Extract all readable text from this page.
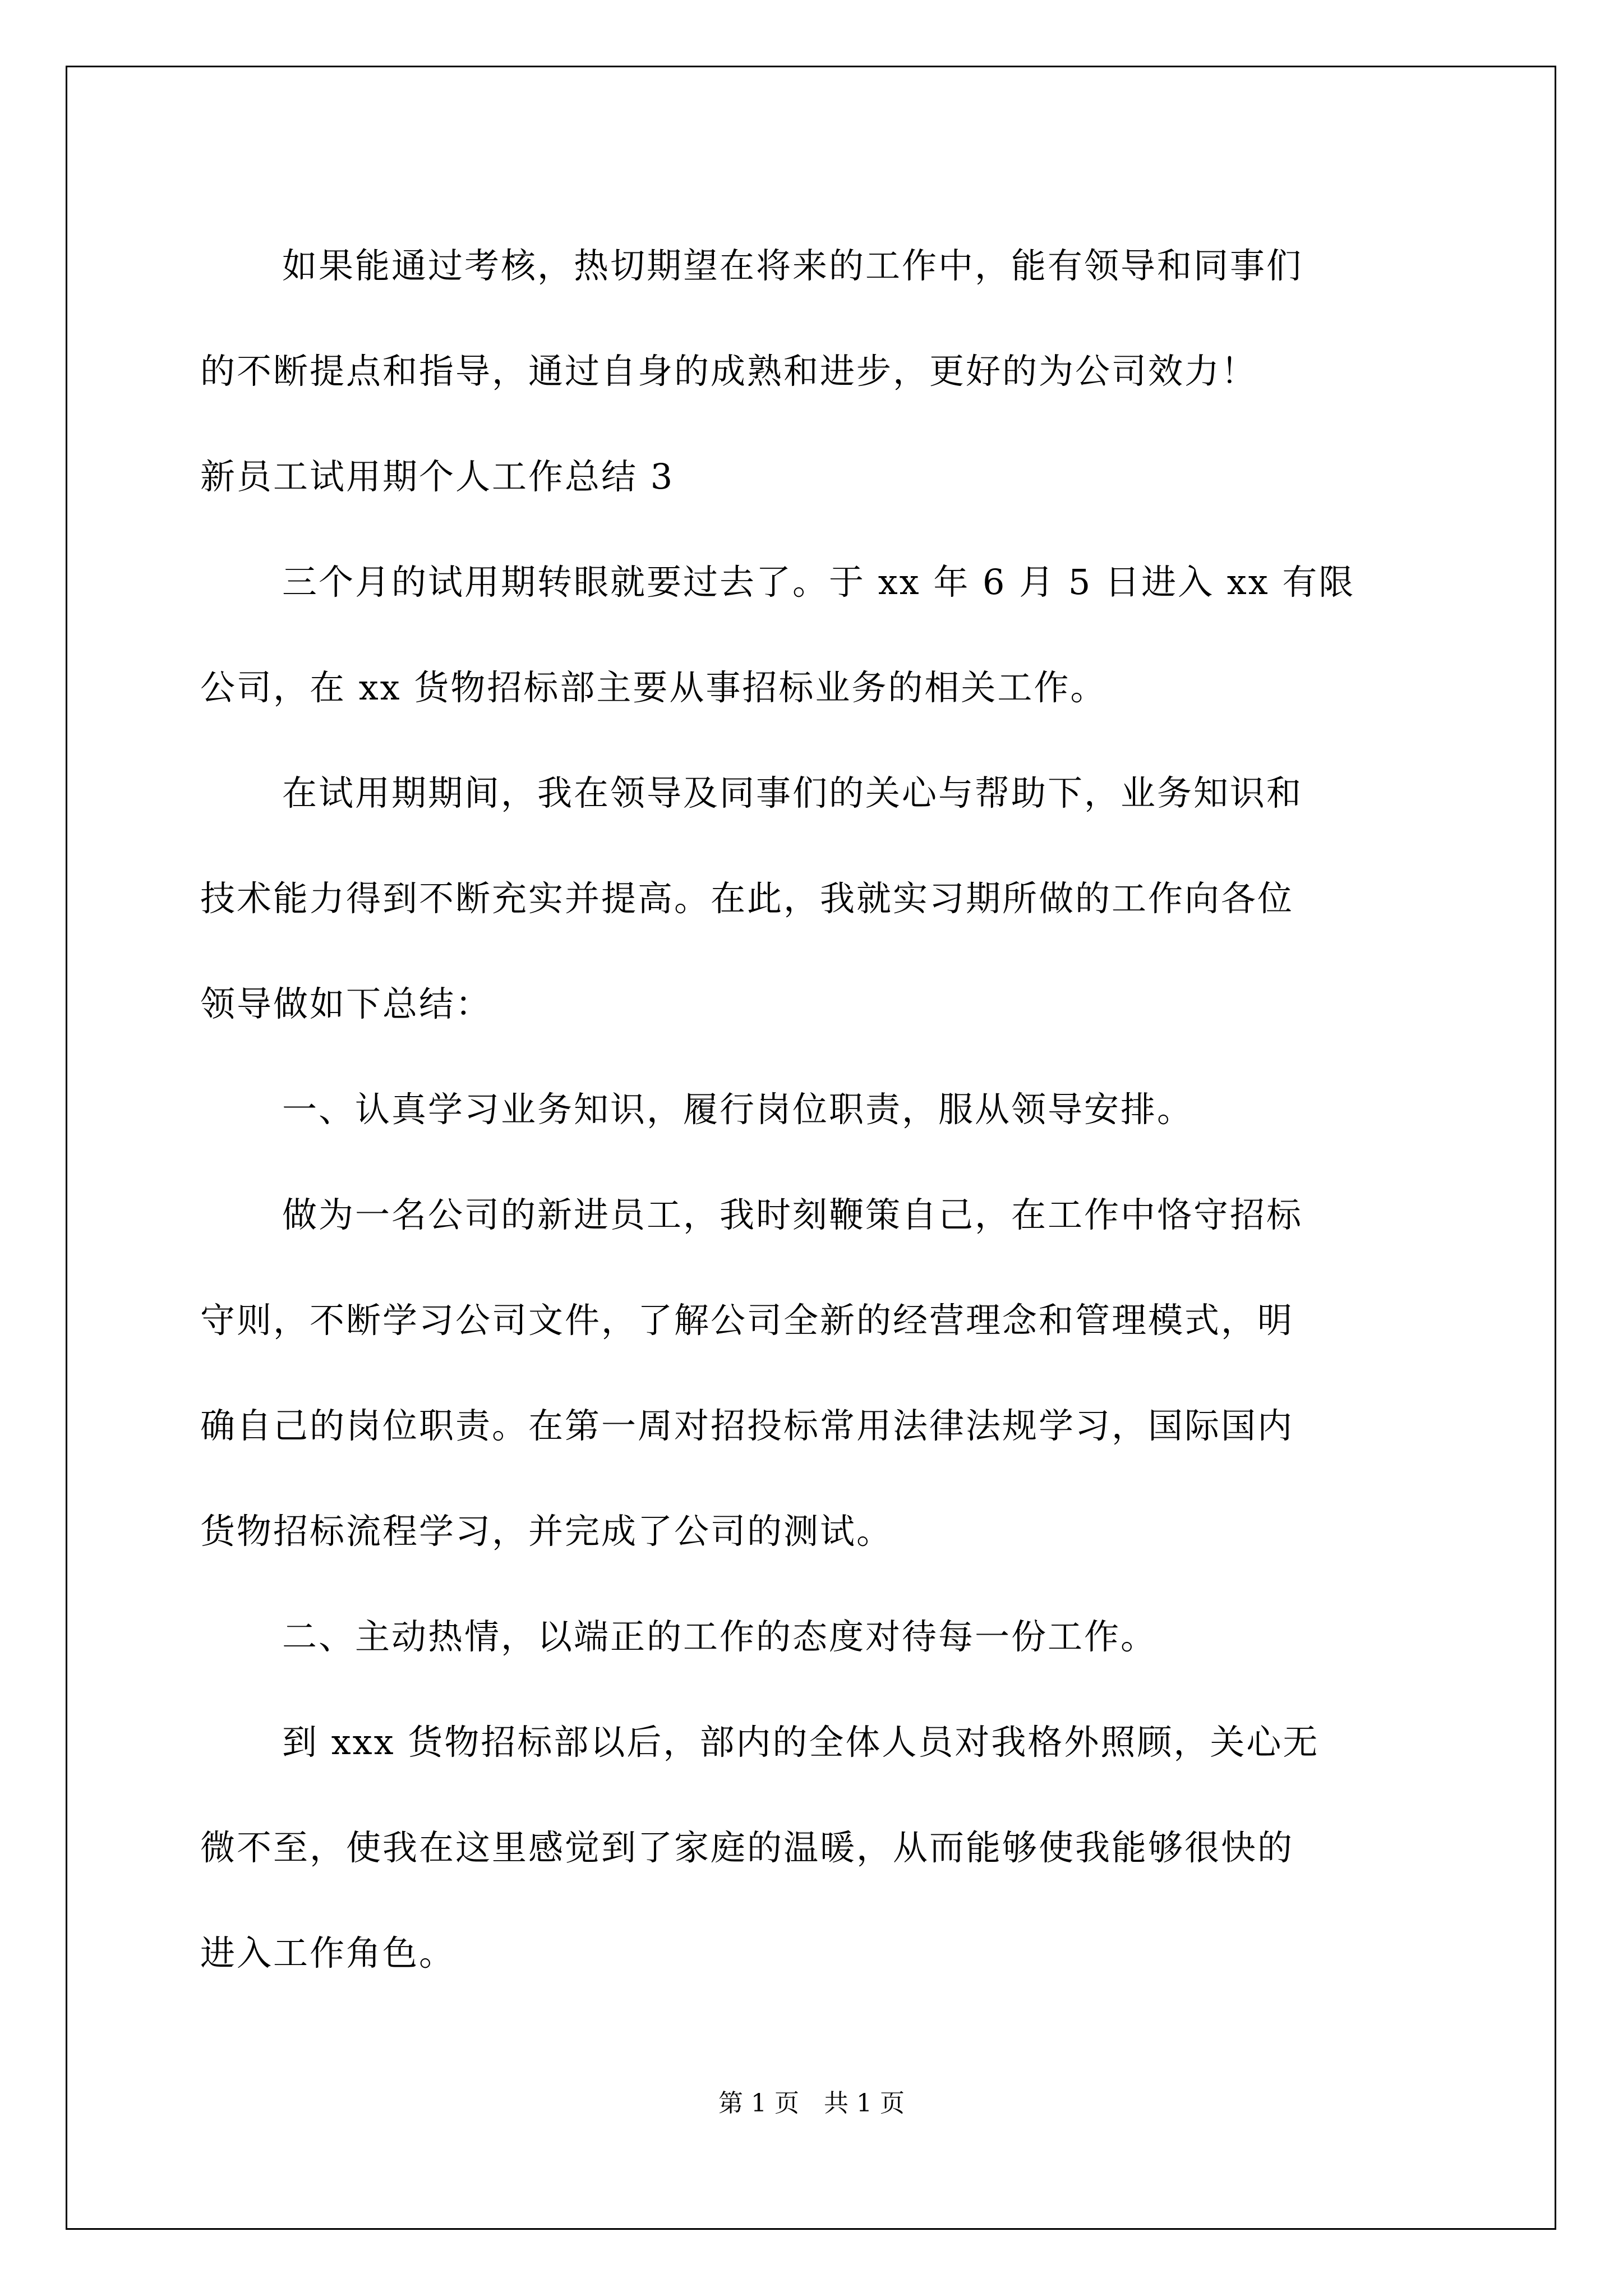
如果能通过考核，热切期望在将来的工作中，能有领导和同事们
的不断提点和指导，通过自身的成熟和进步，更好的为公司效力！
新员工试用期个人工作总结 3
三个月的试用期转眼就要过去了。于 xx 年 6 月 5 日进入 xx 有限
公司，在 xx 货物招标部主要从事招标业务的相关工作。
在试用期期间，我在领导及同事们的关心与帮助下，业务知识和
技术能力得到不断充实并提高。在此，我就实习期所做的工作向各位
领导做如下总结：
一、认真学习业务知识，履行岗位职责，服从领导安排。
做为一名公司的新进员工，我时刻鞭策自己，在工作中恪守招标
守则，不断学习公司文件，了解公司全新的经营理念和管理模式，明
确自己的岗位职责。在第一周对招投标常用法律法规学习，国际国内
货物招标流程学习，并完成了公司的测试。
二、主动热情，以端正的工作的态度对待每一份工作。
到 xxx 货物招标部以后，部内的全体人员对我格外照顾，关心无
微不至，使我在这里感觉到了家庭的温暖，从而能够使我能够很快的
进入工作角色。
第 1 页　共 1 页
